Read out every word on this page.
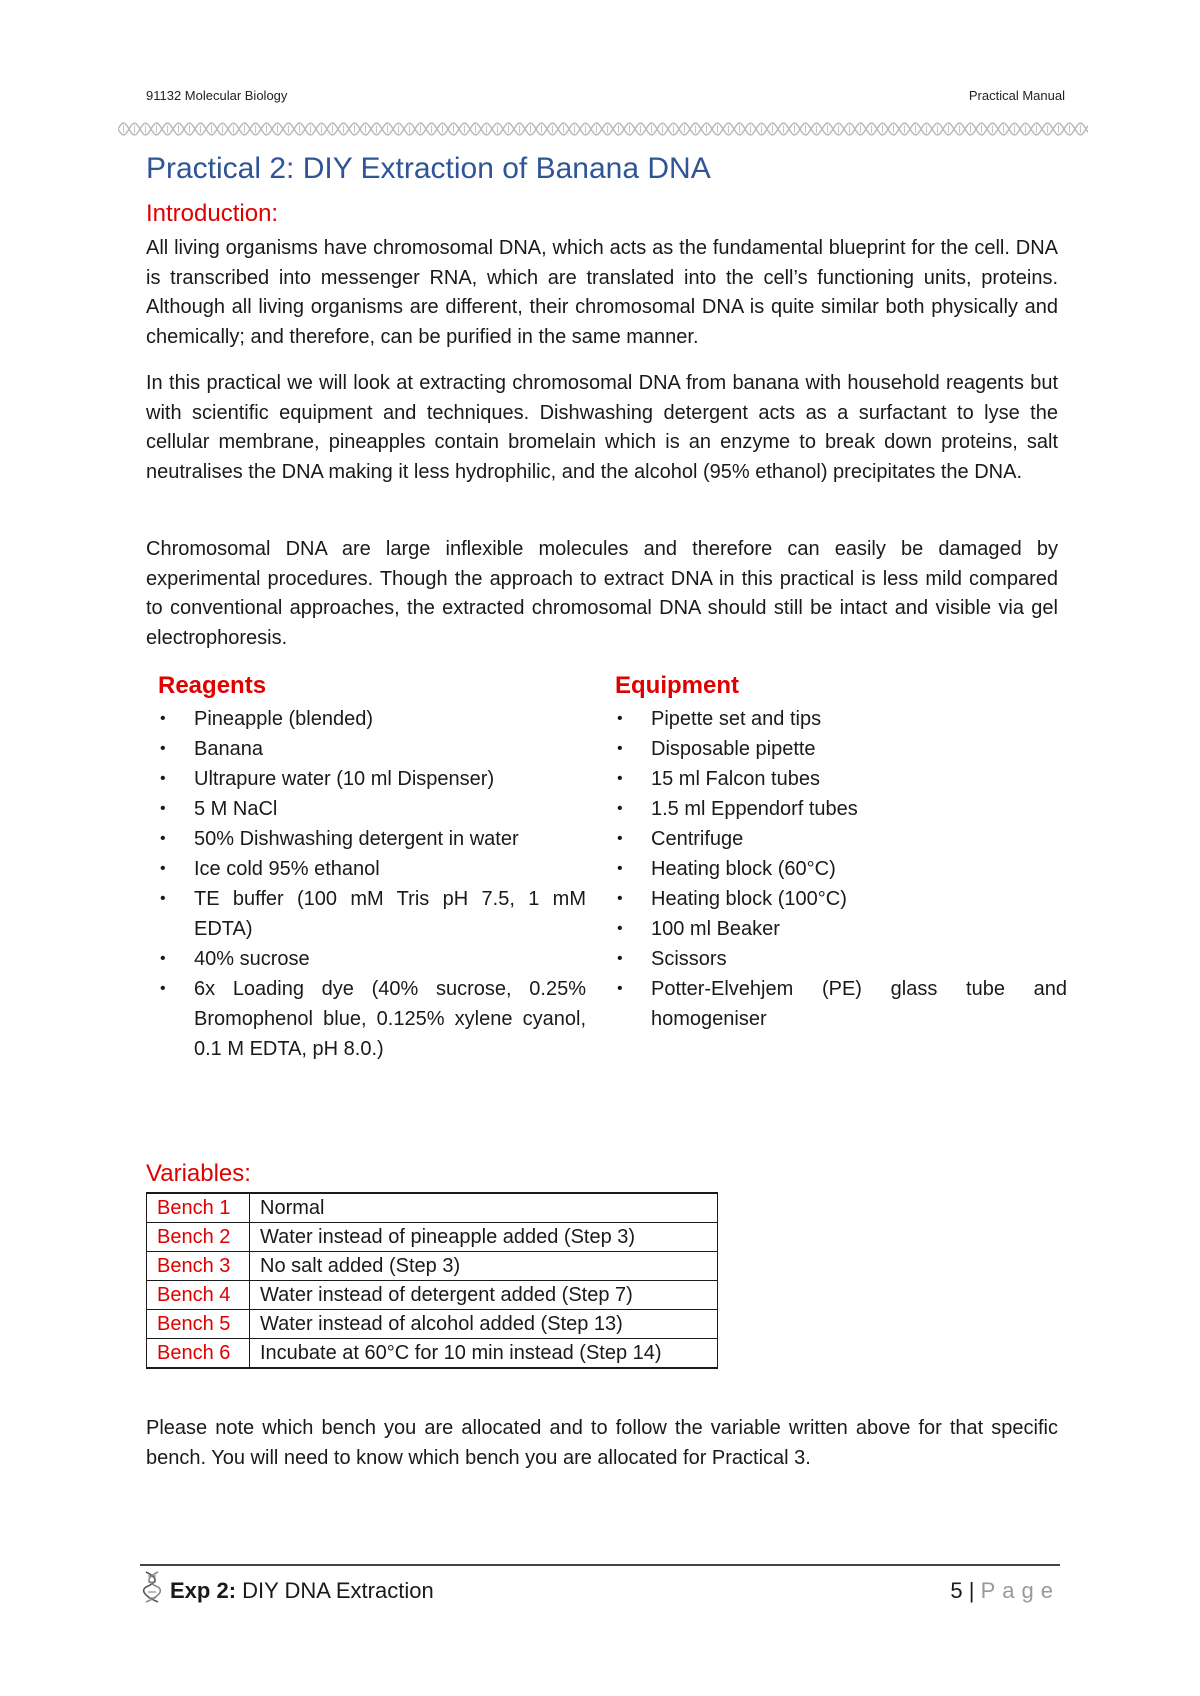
91132 Molecular Biology	Practical Manual
Practical 2: DIY Extraction of Banana DNA
Introduction:

All living organisms have chromosomal DNA, which acts as the fundamental blueprint for the cell. DNA is transcribed into messenger RNA, which are translated into the cell’s functioning units, proteins. Although all living organisms are different, their chromosomal DNA is quite similar both physically and chemically; and therefore, can be purified in the same manner.

In this practical we will look at extracting chromosomal DNA from banana with household reagents but with scientific equipment and techniques. Dishwashing detergent acts as a surfactant to lyse the cellular membrane, pineapples contain bromelain which is an enzyme to break down proteins, salt neutralises the DNA making it less hydrophilic, and the alcohol (95% ethanol) precipitates the DNA.

Chromosomal DNA are large inflexible molecules and therefore can easily be damaged by experimental procedures. Though the approach to extract DNA in this practical is less mild compared to conventional approaches, the extracted chromosomal DNA should still be intact and visible via gel electrophoresis.

Reagents
• Pineapple (blended)
• Banana
• Ultrapure water (10 ml Dispenser)
• 5 M NaCl
• 50% Dishwashing detergent in water
• Ice cold 95% ethanol
• TE buffer (100 mM Tris pH 7.5, 1 mM EDTA)
• 40% sucrose
• 6x Loading dye (40% sucrose, 0.25% Bromophenol blue, 0.125% xylene cyanol, 0.1 M EDTA, pH 8.0.)
Equipment
• Pipette set and tips
• Disposable pipette
• 15 ml Falcon tubes
• 1.5 ml Eppendorf tubes
• Centrifuge
• Heating block (60°C)
• Heating block (100°C)
• 100 ml Beaker
• Scissors
• Potter-Elvehjem (PE) glass tube and homogeniser
Variables:
Bench 1	Normal
Bench 2	Water instead of pineapple added (Step 3)
Bench 3	No salt added (Step 3)
Bench 4	Water instead of detergent added (Step 7)
Bench 5	Water instead of alcohol added (Step 13)
Bench 6	Incubate at 60°C for 10 min instead (Step 14)

Please note which bench you are allocated and to follow the variable written above for that specific bench. You will need to know which bench you are allocated for Practical 3.

Exp 2: DIY DNA Extraction	5 | Page
